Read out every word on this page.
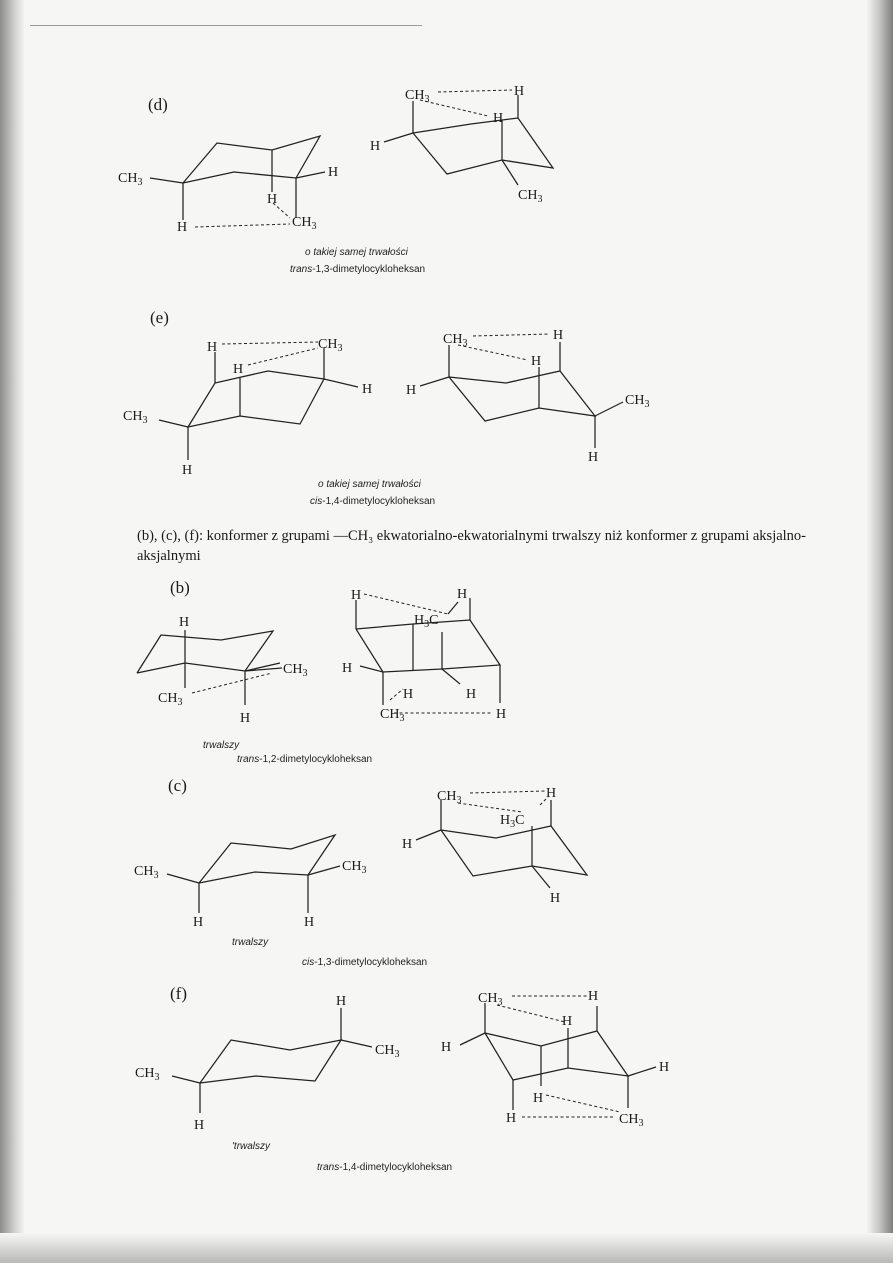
(d)
(e)
(b)
(c)
(f)
(b), (c), (f): konformer z grupami —CH₃ ekwatorialno-ekwatorialnymi trwalszy niż konformer z grupami aksjalno-aksjalnymi
o takiej samej trwałości
trans-1,3-dimetylocykloheksan
o takiej samej trwałości
cis-1,4-dimetylocykloheksan
trwalszy
trans-1,2-dimetylocykloheksan
trwalszy
cis-1,3-dimetylocykloheksan
'trwalszy
trans-1,4-dimetylocykloheksan
$CH_3$
H
H
H	$CH_3$
$CH_3$
H
H
H
$CH_3$
$CH_3$
H
H
$CH_3$
H
H
$CH_3$
H
H
H
$CH_3$
H
H
$CH_3$
$CH_3$
H
H	H
$H_3C$
H
H	H
$CH_3$	H
$CH_3$
$CH_3$
H	H
$CH_3$	H
$H_3C$
H
H
$CH_3$
H
$CH_3$
H
$CH_3$	H
H
H
H
H
H	$CH_3$
